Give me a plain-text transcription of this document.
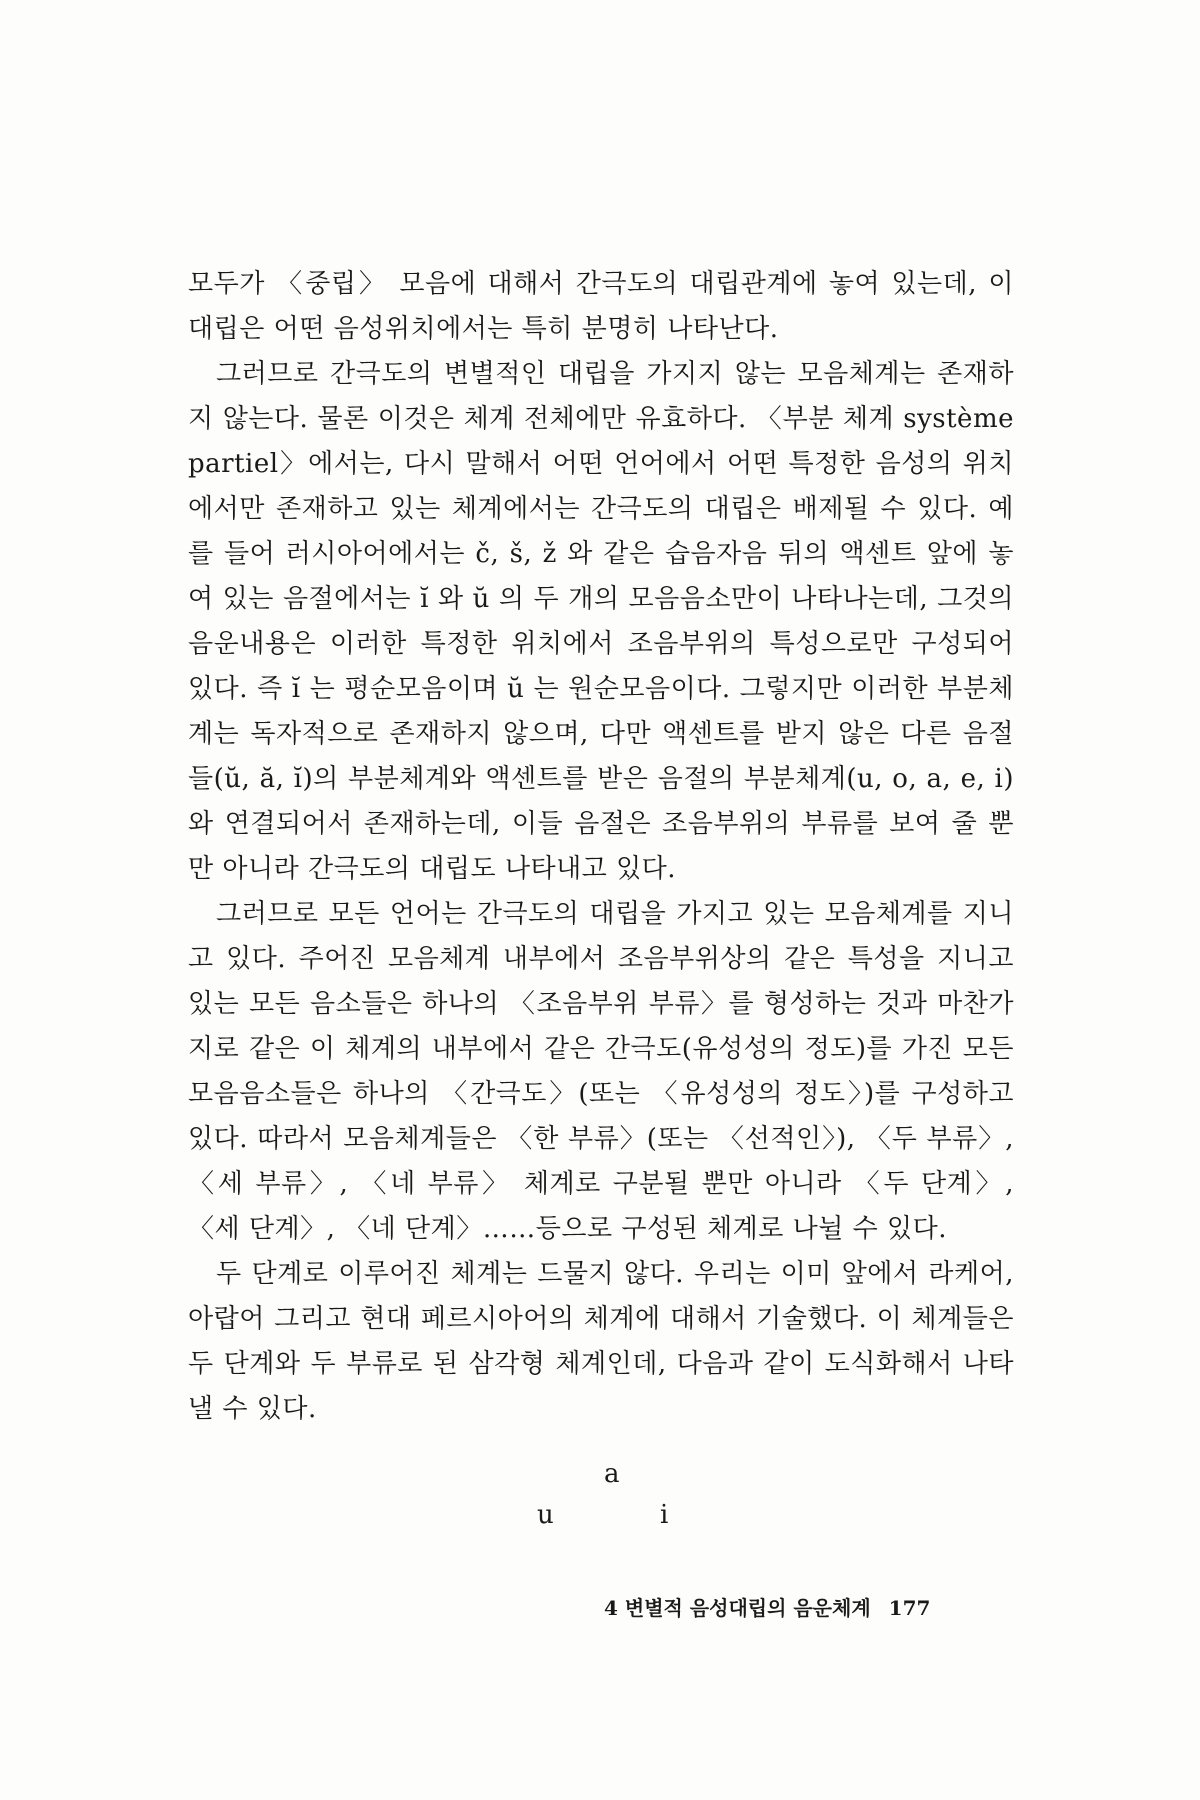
모두가 〈중립〉 모음에 대해서 간극도의 대립관계에 놓여 있는데, 이 대립은 어떤 음성위치에서는 특히 분명히 나타난다.

그러므로 간극도의 변별적인 대립을 가지지 않는 모음체계는 존재하지 않는다. 물론 이것은 체계 전체에만 유효하다. 〈부분 체계 système partiel〉에서는, 다시 말해서 어떤 언어에서 어떤 특정한 음성의 위치에서만 존재하고 있는 체계에서는 간극도의 대립은 배제될 수 있다. 예를 들어 러시아어에서는 č, š, ž 와 같은 습음자음 뒤의 액센트 앞에 놓여 있는 음절에서는 ĭ 와 ŭ 의 두 개의 모음음소만이 나타나는데, 그것의 음운내용은 이러한 특정한 위치에서 조음부위의 특성으로만 구성되어 있다. 즉 ĭ 는 평순모음이며 ŭ 는 원순모음이다. 그렇지만 이러한 부분체계는 독자적으로 존재하지 않으며, 다만 액센트를 받지 않은 다른 음절들(ŭ, ă, ĭ)의 부분체계와 액센트를 받은 음절의 부분체계(u, o, a, e, i)와 연결되어서 존재하는데, 이들 음절은 조음부위의 부류를 보여 줄 뿐만 아니라 간극도의 대립도 나타내고 있다.

그러므로 모든 언어는 간극도의 대립을 가지고 있는 모음체계를 지니고 있다. 주어진 모음체계 내부에서 조음부위상의 같은 특성을 지니고 있는 모든 음소들은 하나의 〈조음부위 부류〉를 형성하는 것과 마찬가지로 같은 이 체계의 내부에서 같은 간극도(유성성의 정도)를 가진 모든 모음음소들은 하나의 〈간극도〉(또는 〈유성성의 정도〉)를 구성하고 있다. 따라서 모음체계들은 〈한 부류〉(또는 〈선적인〉), 〈두 부류〉, 〈세 부류〉, 〈네 부류〉 체계로 구분될 뿐만 아니라 〈두 단계〉, 〈세 단계〉, 〈네 단계〉……등으로 구성된 체계로 나뉠 수 있다.

두 단계로 이루어진 체계는 드물지 않다. 우리는 이미 앞에서 라케어, 아랍어 그리고 현대 페르시아어의 체계에 대해서 기술했다. 이 체계들은 두 단계와 두 부류로 된 삼각형 체계인데, 다음과 같이 도식화해서 나타낼 수 있다.

a
u	i
4 변별적 음성대립의 음운체계 177
